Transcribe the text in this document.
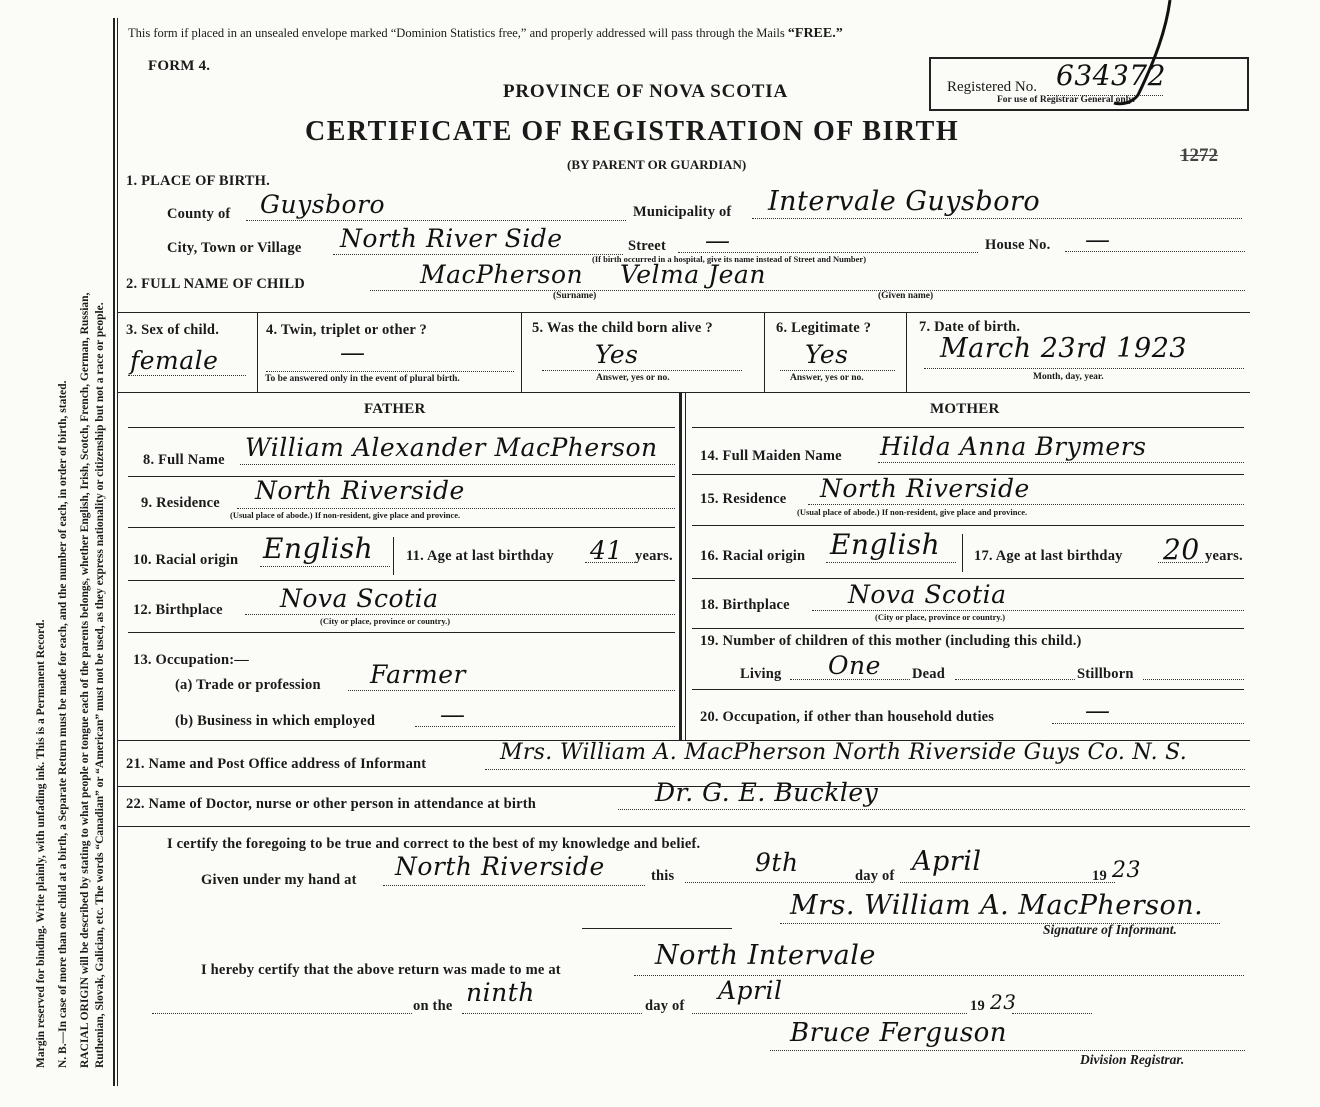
Margin reserved for binding. Write plainly, with unfading ink. This is a Permanent Record. N. B.—In case of more than one child at a birth, a Separate Return must be made for each, and the number of each, in order of birth, stated. RACIAL ORIGIN will be described by stating to what people or tongue each of the parents belongs, whether English, Irish, Scotch, French, German, Russian, Ruthenian, Slovak, Galician, etc. The words “Canadian” or “American” must not be used, as they express nationality or citizenship but not a race or people.
This form if placed in an unsealed envelope marked “Dominion Statistics free,” and properly addressed will pass through the Mails “FREE.”
FORM 4.
PROVINCE OF NOVA SCOTIA
CERTIFICATE OF REGISTRATION OF BIRTH
(BY PARENT OR GUARDIAN)
Registered No. 634372
For use of Registrar General only.
1272
1. PLACE OF BIRTH.
County of Guysboro	Municipality of Intervale Guysboro
City, Town or Village North River Side	Street —	House No. —
(If birth occurred in a hospital, give its name instead of Street and Number)
2. FULL NAME OF CHILD	MacPherson Velma Jean
(Surname)	(Given name)
3. Sex of child.
female
4. Twin, triplet or other ?
—
To be answered only in the event of plural birth.
5. Was the child born alive ?
Yes
Answer, yes or no.
6. Legitimate ?
Yes
Answer, yes or no.
7. Date of birth.
March 23rd 1923
Month, day, year.
FATHER	MOTHER
8. Full Name William Alexander MacPherson
9. Residence North Riverside
(Usual place of abode.) If non-resident, give place and province.
10. Racial origin English 11. Age at last birthday 41 years.
12. Birthplace Nova Scotia
(City or place, province or country.)
13. Occupation:—
(a) Trade or profession Farmer
(b) Business in which employed	—
14. Full Maiden Name Hilda Anna Brymers
15. Residence North Riverside
(Usual place of abode.) If non-resident, give place and province.
16. Racial origin English 17. Age at last birthday 20 years.
18. Birthplace Nova Scotia
(City or place, province or country.)
19. Number of children of this mother (including this child.)
Living One Dead	Stillborn
20. Occupation, if other than household duties	—
21. Name and Post Office address of Informant	Mrs. William A. MacPherson North Riverside Guys Co. N. S.
22. Name of Doctor, nurse or other person in attendance at birth	Dr. G. E. Buckley
I certify the foregoing to be true and correct to the best of my knowledge and belief.
Given under my hand at North Riverside	this	9th	day of April	19 23
Mrs. William A. MacPherson.
Signature of Informant.
I hereby certify that the above return was made to me at	North Intervale
on the ninth	day of
April
19 23
Bruce Ferguson
Division Registrar.
